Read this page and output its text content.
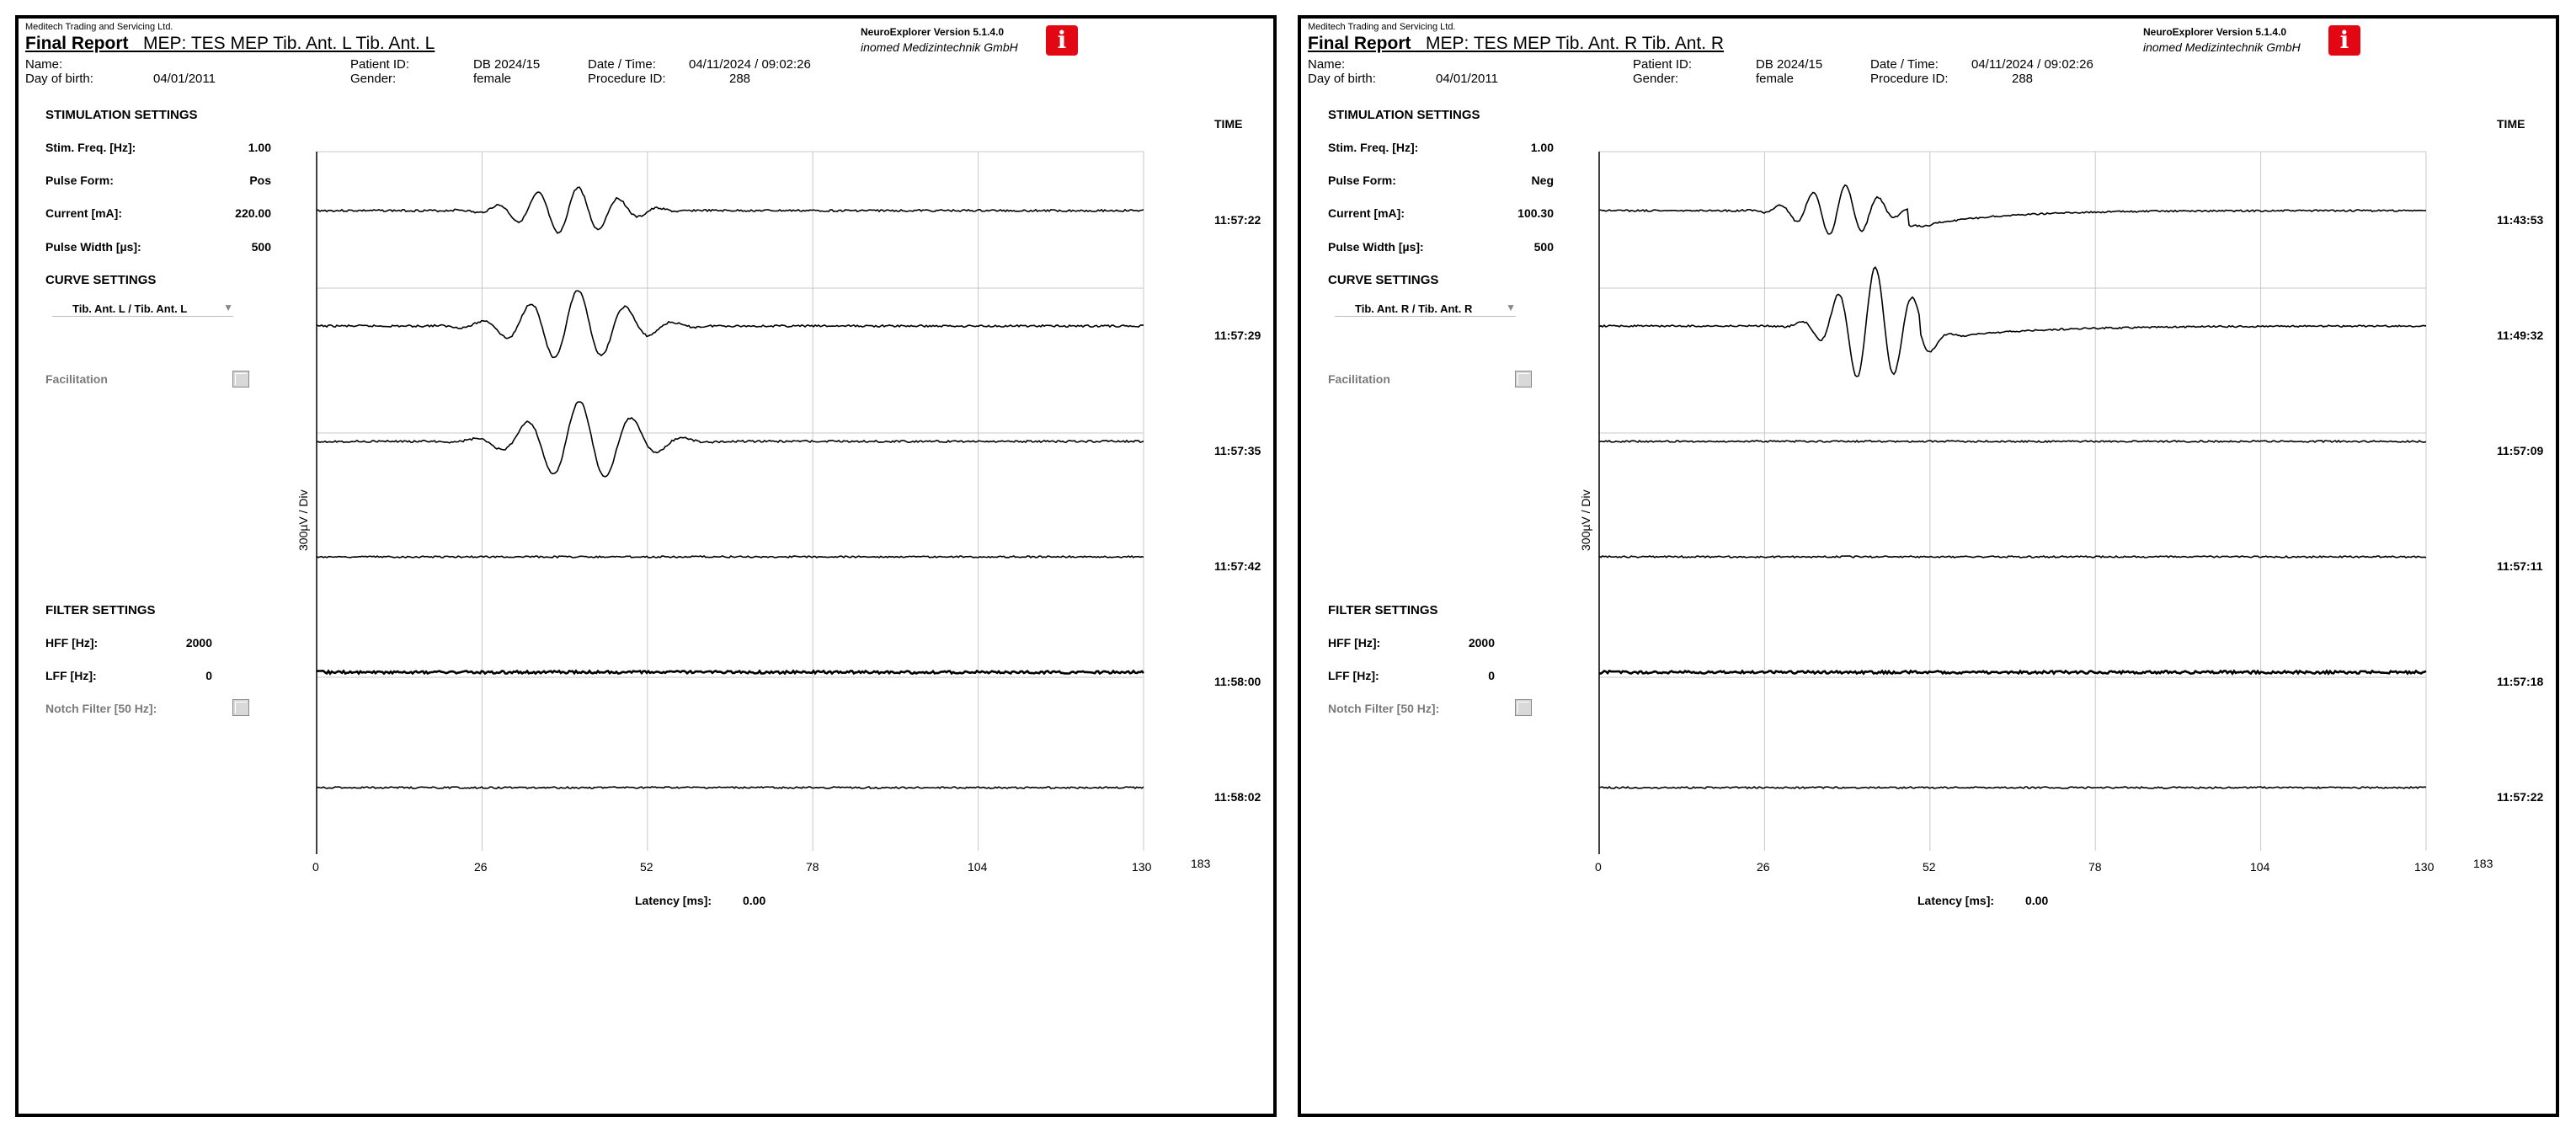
Meditech Trading and Servicing Ltd.
Final Report MEP: TES MEP Tib. Ant. L Tib. Ant. L
NeuroExplorer Version 5.1.4.0
inomed Medizintechnik GmbH	i
Name:
Day of birth:	04/01/2011
Patient ID:	DB 2024/15
Gender:	female
Date / Time:	04/11/2024 / 09:02:26
Procedure ID:	288
STIMULATION SETTINGS
Stim. Freq. [Hz]:	1.00
Pulse Form:	Pos
Current [mA]:	220.00
Pulse Width [µs]:	500
CURVE SETTINGS
Tib. Ant. L / Tib. Ant. L	▼
Facilitation
FILTER SETTINGS
HFF [Hz]:	2000
LFF [Hz]:	0
Notch Filter [50 Hz]:
TIME
11:57:22
11:57:29
11:57:35
11:57:42
11:58:00
11:58:02
300µV / Div
0	26	52	78	104	130	183
Latency [ms]:	0.00
Meditech Trading and Servicing Ltd.
Final Report MEP: TES MEP Tib. Ant. R Tib. Ant. R
NeuroExplorer Version 5.1.4.0
inomed Medizintechnik GmbH	i
Name:
Day of birth:	04/01/2011
Patient ID:	DB 2024/15
Gender:	female
Date / Time:	04/11/2024 / 09:02:26
Procedure ID:	288
STIMULATION SETTINGS
Stim. Freq. [Hz]:	1.00
Pulse Form:	Neg
Current [mA]:	100.30
Pulse Width [µs]:	500
CURVE SETTINGS
Tib. Ant. R / Tib. Ant. R	▼
Facilitation
FILTER SETTINGS
HFF [Hz]:	2000
LFF [Hz]:	0
Notch Filter [50 Hz]:
TIME
11:43:53
11:49:32
11:57:09
11:57:11
11:57:18
11:57:22
300µV / Div
0	26	52	78	104	130	183
Latency [ms]:	0.00
